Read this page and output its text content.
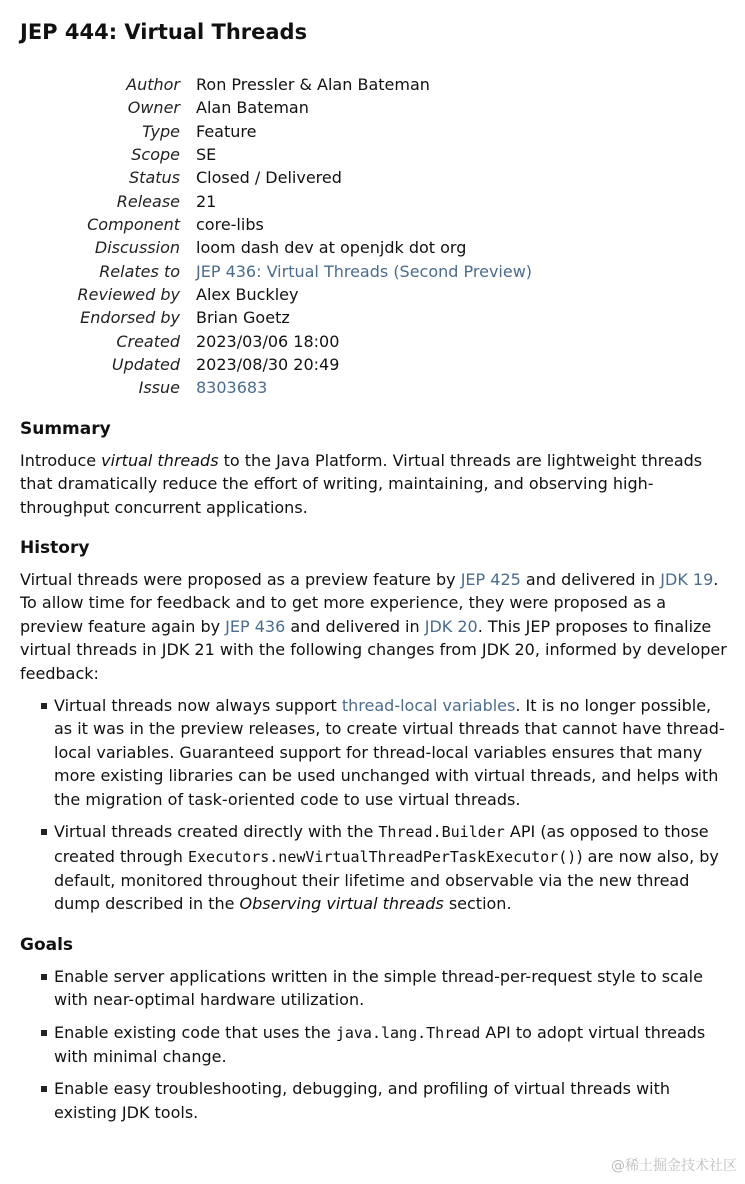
JEP 444: Virtual Threads
Author	Ron Pressler & Alan Bateman
Owner	Alan Bateman
Type	Feature
Scope	SE
Status	Closed / Delivered
Release	21
Component	core-libs
Discussion	loom dash dev at openjdk dot org
Relates to	JEP 436: Virtual Threads (Second Preview)
Reviewed by	Alex Buckley
Endorsed by	Brian Goetz
Created	2023/03/06 18:00
Updated	2023/08/30 20:49
Issue	8303683
Summary

Introduce virtual threads to the Java Platform. Virtual threads are lightweight threads that dramatically reduce the effort of writing, maintaining, and observing high-throughput concurrent applications.

History

Virtual threads were proposed as a preview feature by JEP 425 and delivered in JDK 19. To allow time for feedback and to get more experience, they were proposed as a preview feature again by JEP 436 and delivered in JDK 20. This JEP proposes to finalize virtual threads in JDK 21 with the following changes from JDK 20, informed by developer feedback:

Virtual threads now always support thread-local variables. It is no longer possible, as it was in the preview releases, to create virtual threads that cannot have thread-local variables. Guaranteed support for thread-local variables ensures that many more existing libraries can be used unchanged with virtual threads, and helps with the migration of task-oriented code to use virtual threads.
Virtual threads created directly with the Thread.Builder API (as opposed to those created through Executors.newVirtualThreadPerTaskExecutor()) are now also, by default, monitored throughout their lifetime and observable via the new thread dump described in the Observing virtual threads section.
Goals
Enable server applications written in the simple thread-per-request style to scale with near-optimal hardware utilization.
Enable existing code that uses the java.lang.Thread API to adopt virtual threads with minimal change.
Enable easy troubleshooting, debugging, and profiling of virtual threads with existing JDK tools.
@稀土掘金技术社区
